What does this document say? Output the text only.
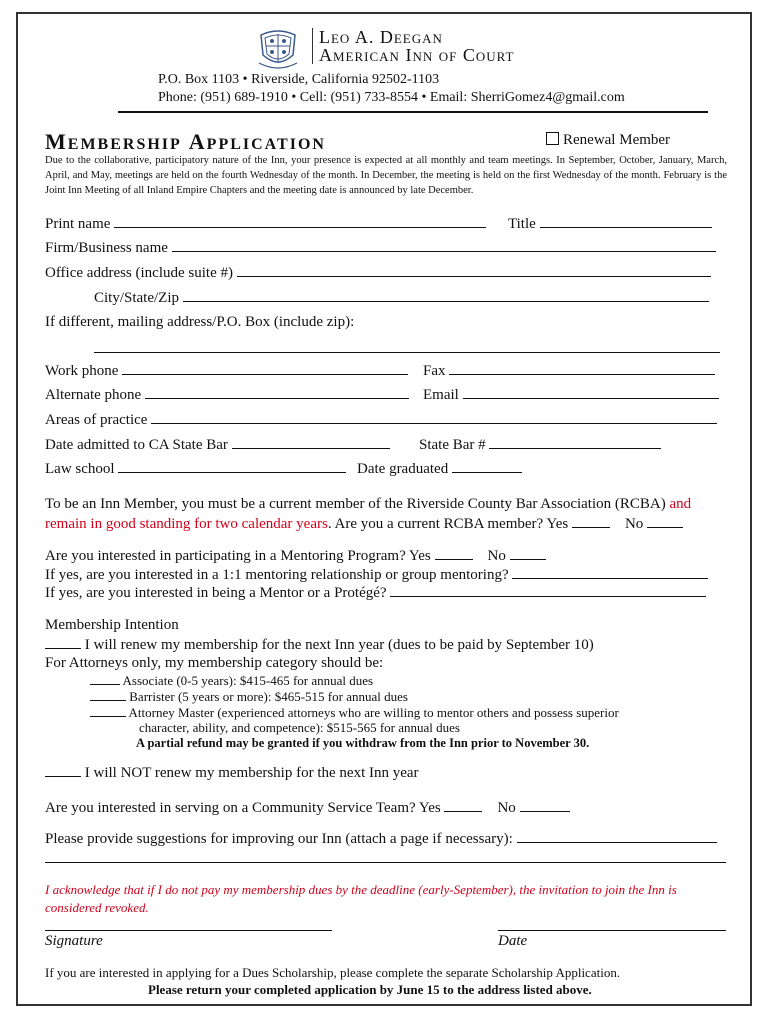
Leo A. Deegan
American Inn of Court
P.O. Box 1103 • Riverside, California 92502-1103
Phone: (951) 689-1910 • Cell: (951) 733-8554 • Email: SherriGomez4@gmail.com
MEMBERSHIP APPLICATION	Renewal Member
Due to the collaborative, participatory nature of the Inn, your presence is expected at all monthly and team meetings. In September, October, January, March, April, and May, meetings are held on the fourth Wednesday of the month. In December, the meeting is held on the first Wednesday of the month. February is the Joint Inn Meeting of all Inland Empire Chapters and the meeting date is announced by late December.
Print name	Title
Firm/Business name
Office address (include suite #)
City/State/Zip
If different, mailing address/P.O. Box (include zip):
Work phone	Fax
Alternate phone	Email
Areas of practice
Date admitted to CA State Bar	State Bar #
Law school	Date graduated
To be an Inn Member, you must be a current member of the Riverside County Bar Association (RCBA) and
remain in good standing for two calendar years. Are you a current RCBA member? Yes	No
Are you interested in participating in a Mentoring Program? Yes	No
If yes, are you interested in a 1:1 mentoring relationship or group mentoring?
If yes, are you interested in being a Mentor or a Protégé?
Membership Intention
I will renew my membership for the next Inn year (dues to be paid by September 10)
For Attorneys only, my membership category should be:
Associate (0-5 years): $415-465 for annual dues
Barrister (5 years or more): $465-515 for annual dues
Attorney Master (experienced attorneys who are willing to mentor others and possess superior
character, ability, and competence): $515-565 for annual dues
A partial refund may be granted if you withdraw from the Inn prior to November 30.
I will NOT renew my membership for the next Inn year
Are you interested in serving on a Community Service Team? Yes	No
Please provide suggestions for improving our Inn (attach a page if necessary):
I acknowledge that if I do not pay my membership dues by the deadline (early-September), the invitation to join the Inn is considered revoked.
Signature	Date
If you are interested in applying for a Dues Scholarship, please complete the separate Scholarship Application.
Please return your completed application by June 15 to the address listed above.
